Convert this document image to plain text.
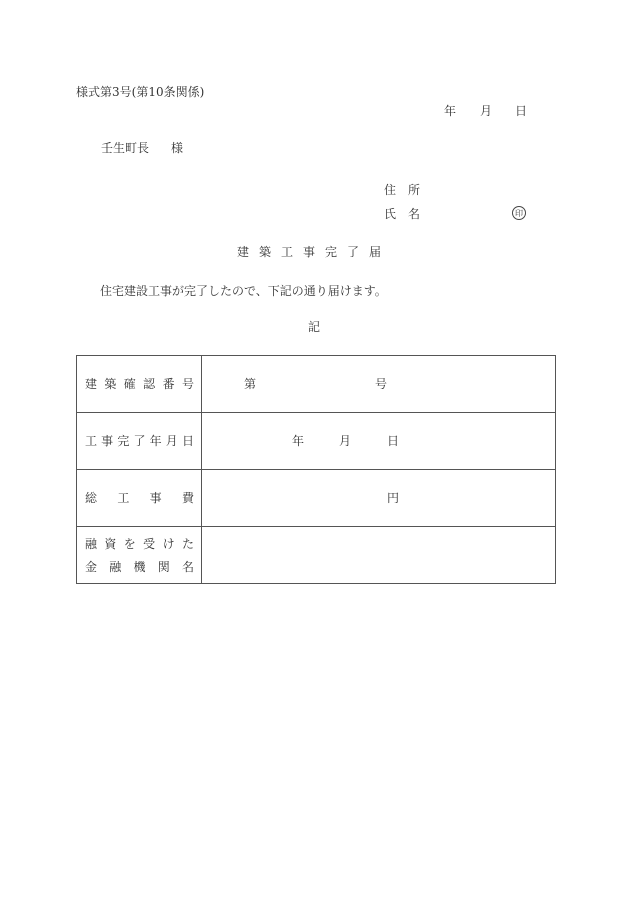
様式第3号(第10条関係)
年 月 日
壬生町長 様
住 所
氏 名	印
建 築 工 事 完 了 届
住宅建設工事が完了したので、下記の通り届けます。
記
建 築 確 認 番 号	第	号

工 事 完 了 年 月 日	年	月	日

総 工 事 費	円

融 資 を 受 け た
金 融 機 関 名
